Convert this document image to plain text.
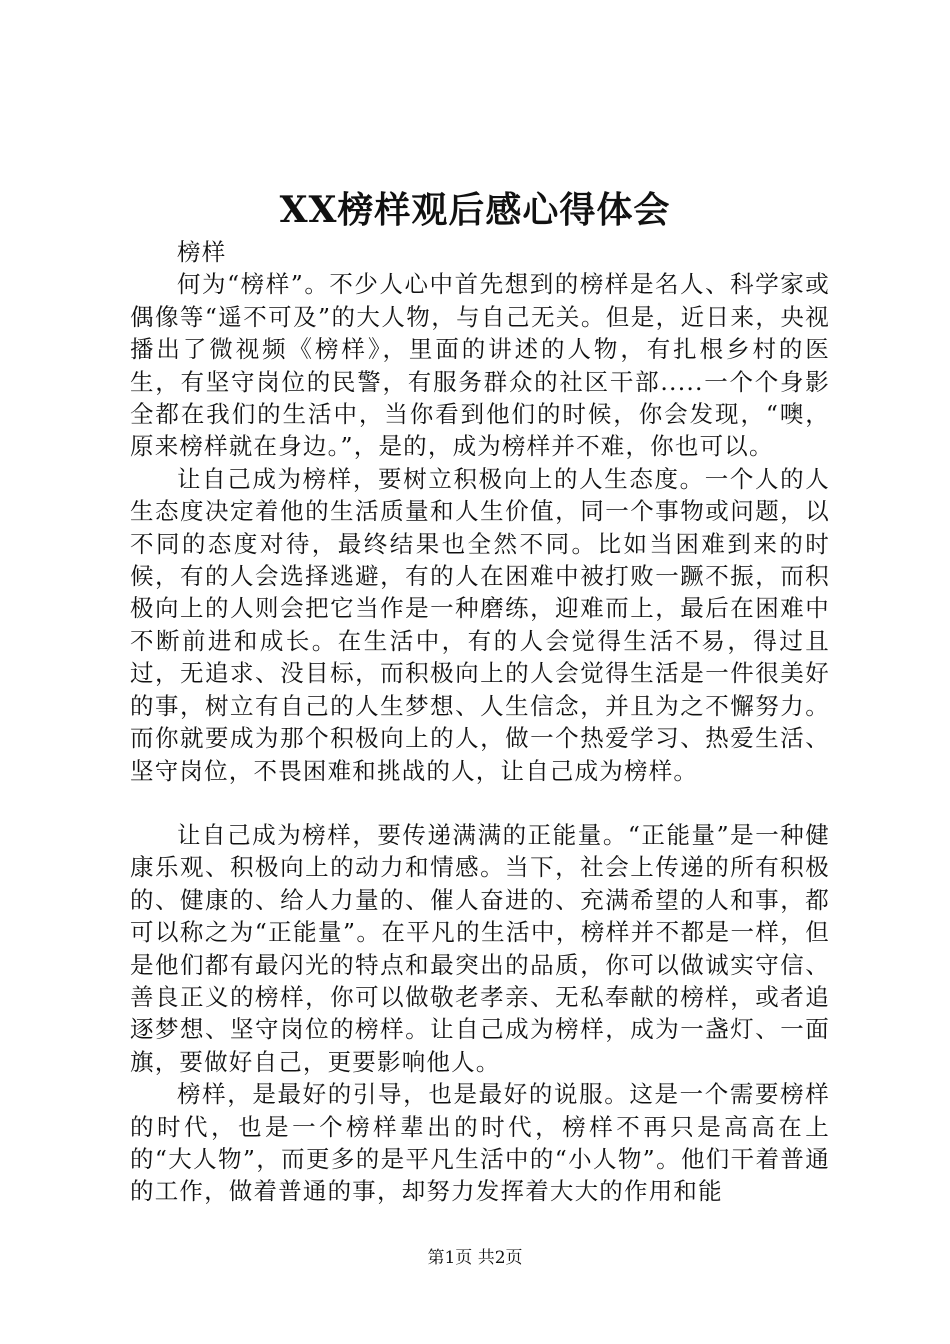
XX榜样观后感心得体会

榜样

何为“榜样”。不少人心中首先想到的榜样是名人、科学家或偶像等“遥不可及”的大人物，与自己无关。但是，近日来，央视播出了微视频《榜样》，里面的讲述的人物，有扎根乡村的医生，有坚守岗位的民警，有服务群众的社区干部.....一个个身影全都在我们的生活中，当你看到他们的时候，你会发现，“噢，原来榜样就在身边。”，是的，成为榜样并不难，你也可以。

让自己成为榜样，要树立积极向上的人生态度。一个人的人生态度决定着他的生活质量和人生价值，同一个事物或问题，以不同的态度对待，最终结果也全然不同。比如当困难到来的时候，有的人会选择逃避，有的人在困难中被打败一蹶不振，而积极向上的人则会把它当作是一种磨练，迎难而上，最后在困难中不断前进和成长。在生活中，有的人会觉得生活不易，得过且过，无追求、没目标，而积极向上的人会觉得生活是一件很美好的事，树立有自己的人生梦想、人生信念，并且为之不懈努力。而你就要成为那个积极向上的人，做一个热爱学习、热爱生活、坚守岗位，不畏困难和挑战的人，让自己成为榜样。

让自己成为榜样，要传递满满的正能量。“正能量”是一种健康乐观、积极向上的动力和情感。当下，社会上传递的所有积极的、健康的、给人力量的、催人奋进的、充满希望的人和事，都可以称之为“正能量”。在平凡的生活中，榜样并不都是一样，但是他们都有最闪光的特点和最突出的品质，你可以做诚实守信、善良正义的榜样，你可以做敬老孝亲、无私奉献的榜样，或者追逐梦想、坚守岗位的榜样。让自己成为榜样，成为一盏灯、一面旗，要做好自己，更要影响他人。

榜样，是最好的引导，也是最好的说服。这是一个需要榜样的时代，也是一个榜样辈出的时代，榜样不再只是高高在上的“大人物”，而更多的是平凡生活中的“小人物”。他们干着普通的工作，做着普通的事，却努力发挥着大大的作用和能

第1页 共2页
